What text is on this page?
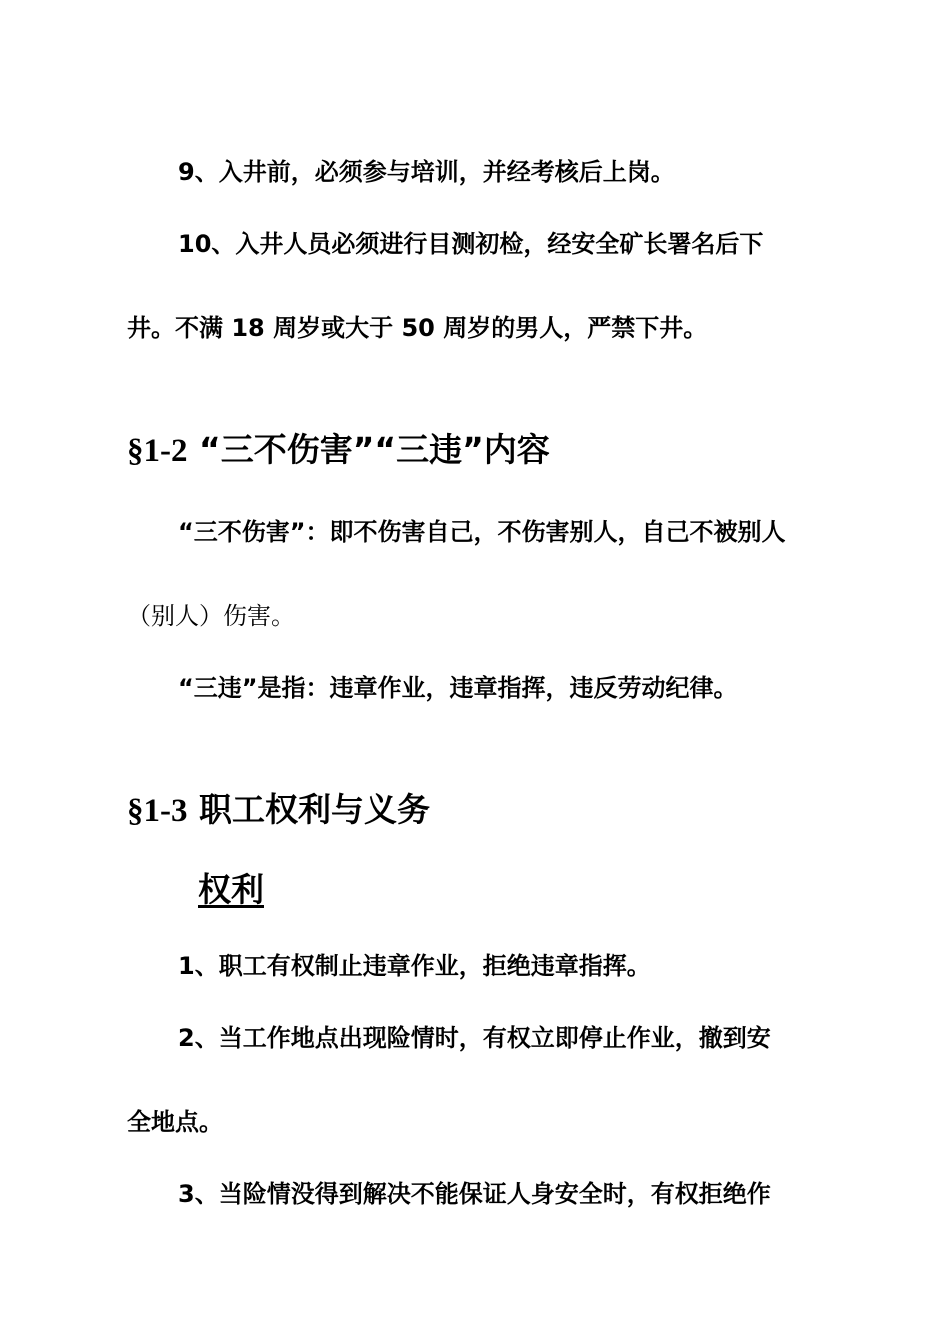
9、入井前，必须参与培训，并经考核后上岗。
10、入井人员必须进行目测初检，经安全矿长署名后下
井。不满 18 周岁或大于 50 周岁的男人，严禁下井。
§1-2 “三不伤害”“三违”内容
“三不伤害”：即不伤害自己，不伤害别人，自己不被别人
（别人）伤害。
“三违”是指：违章作业，违章指挥，违反劳动纪律。
§1-3 职工权利与义务
权利
1、职工有权制止违章作业，拒绝违章指挥。
2、当工作地点出现险情时，有权立即停止作业，撤到安
全地点。
3、当险情没得到解决不能保证人身安全时，有权拒绝作
